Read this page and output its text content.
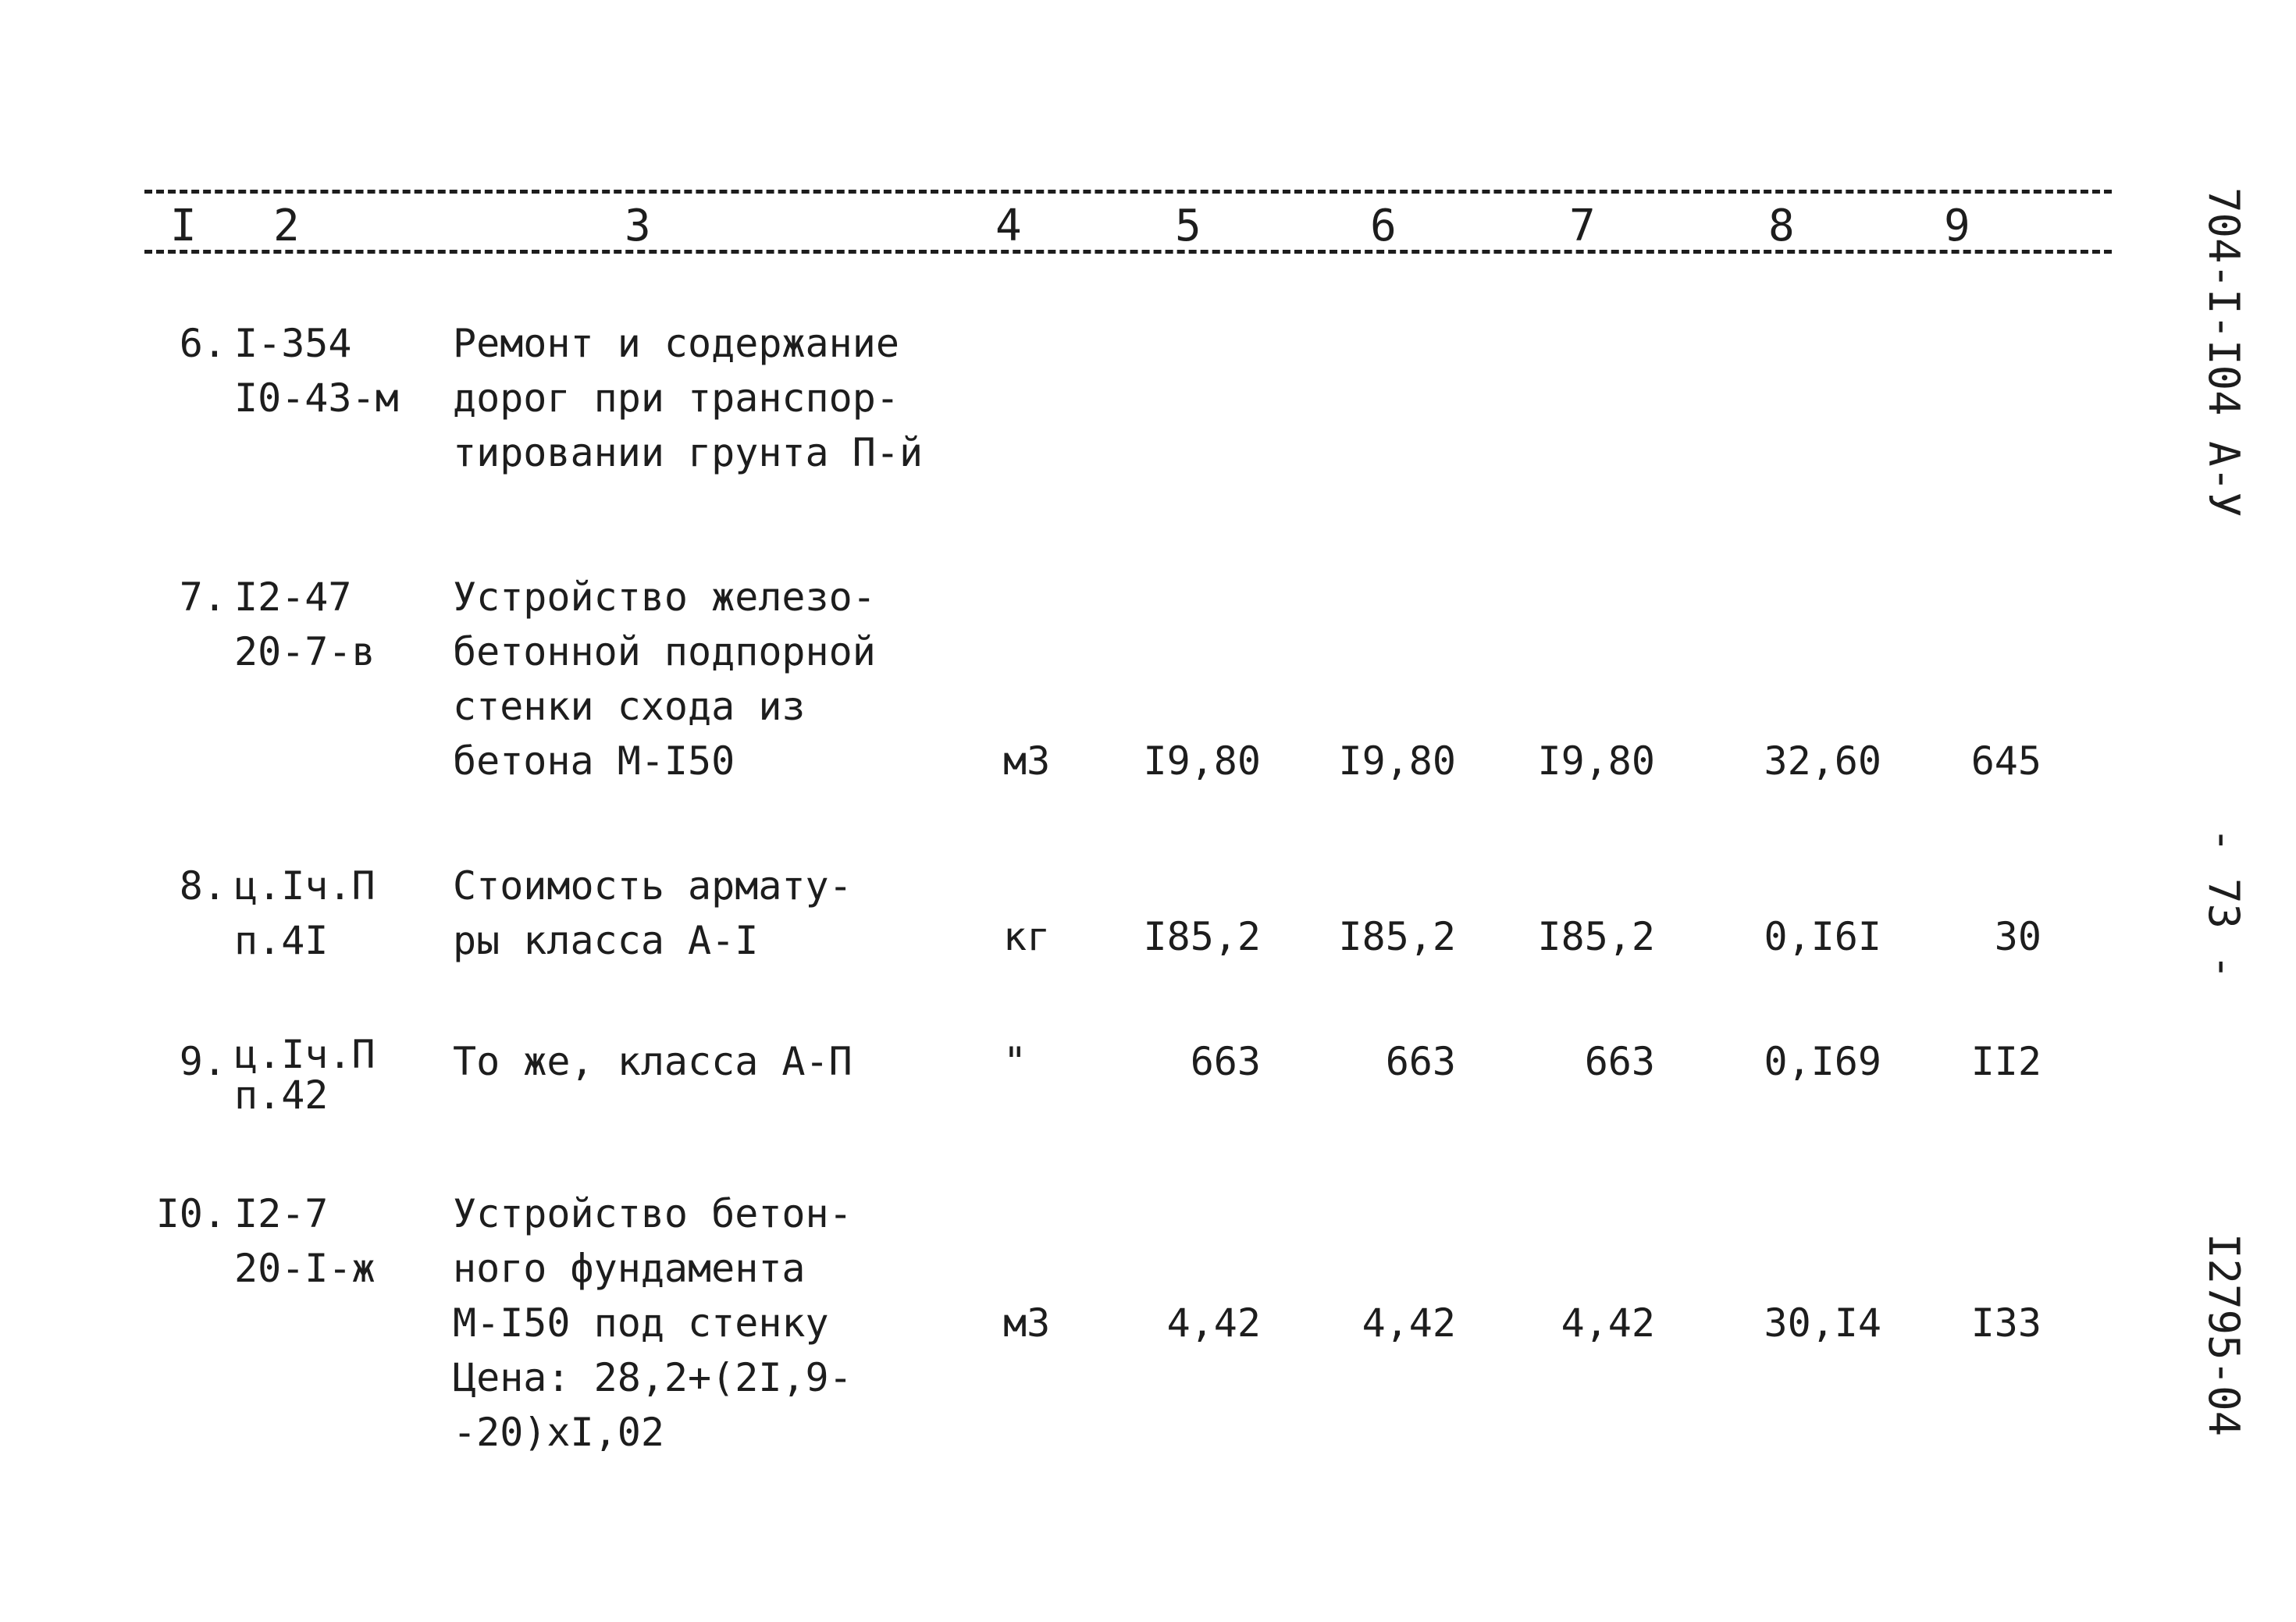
I 2	3	4	5	6	7	8	9
6. I-354
I0-43-м
Ремонт и содержание
дорог при транспор-
тировании грунта П-й
7. I2-47
20-7-в
Устройство железо-
бетонной подпорной
стенки схода из
бетона М-I50	м3	I9,80	I9,80	I9,80	32,60	645
8. ц.Iч.П
п.4I
Стоимость армату-
ры класса А-I	кг	I85,2	I85,2	I85,2	0,I6I	30
9. ц.Iч.П
п.42
То же, класса А-П	"	663	663	663	0,I69	II2
I0. I2-7
20-I-ж
Устройство бетон-
ного фундамента
М-I50 под стенку
Цена: 28,2+(2I,9-
-20)xI,02
м3	4,42	4,42	4,42	30,I4	I33
704-I-I04 А-У
- 73 -
I2795-04
